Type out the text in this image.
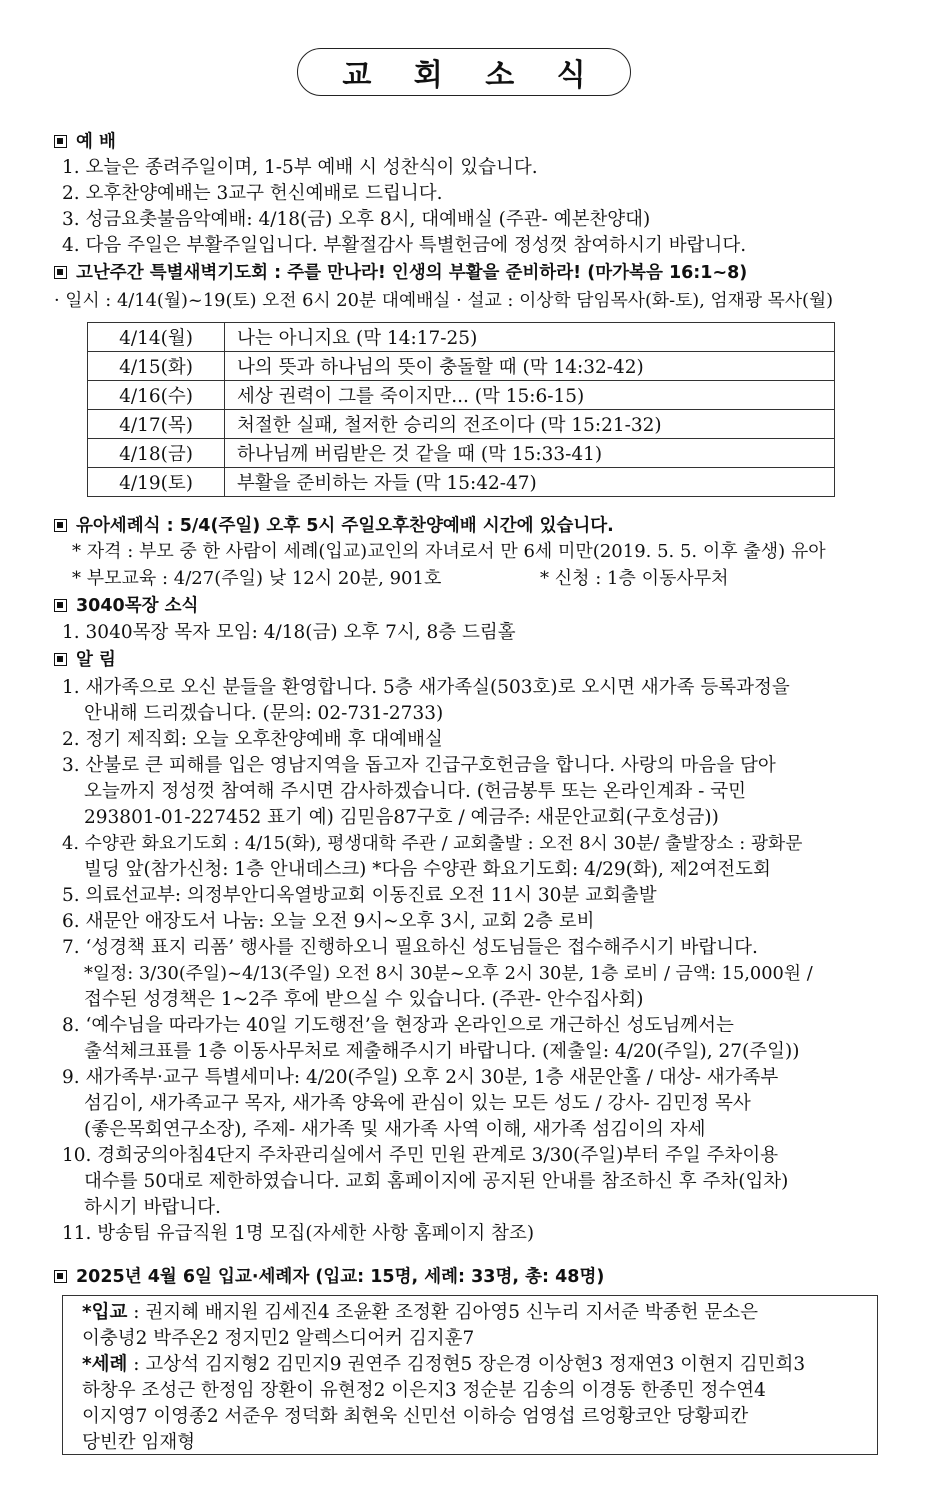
교 회 소 식
예 배
1. 오늘은 종려주일이며, 1-5부 예배 시 성찬식이 있습니다.
2. 오후찬양예배는 3교구 헌신예배로 드립니다.
3. 성금요촛불음악예배: 4/18(금) 오후 8시, 대예배실 (주관- 예본찬양대)
4. 다음 주일은 부활주일입니다. 부활절감사 특별헌금에 정성껏 참여하시기 바랍니다.
고난주간 특별새벽기도회 : 주를 만나라! 인생의 부활을 준비하라! (마가복음 16:1~8)
· 일시 : 4/14(월)~19(토) 오전 6시 20분 대예배실 · 설교 : 이상학 담임목사(화-토), 엄재광 목사(월)
4/14(월)	나는 아니지요 (막 14:17-25)
4/15(화)	나의 뜻과 하나님의 뜻이 충돌할 때 (막 14:32-42)
4/16(수)	세상 권력이 그를 죽이지만... (막 15:6-15)
4/17(목)	처절한 실패, 철저한 승리의 전조이다 (막 15:21-32)
4/18(금)	하나님께 버림받은 것 같을 때 (막 15:33-41)
4/19(토)	부활을 준비하는 자들 (막 15:42-47)
유아세례식 : 5/4(주일) 오후 5시 주일오후찬양예배 시간에 있습니다.
* 자격 : 부모 중 한 사람이 세례(입교)교인의 자녀로서 만 6세 미만(2019. 5. 5. 이후 출생) 유아
* 부모교육 : 4/27(주일) 낮 12시 20분, 901호	* 신청 : 1층 이동사무처
3040목장 소식
1. 3040목장 목자 모임: 4/18(금) 오후 7시, 8층 드림홀
알 림
1. 새가족으로 오신 분들을 환영합니다. 5층 새가족실(503호)로 오시면 새가족 등록과정을
안내해 드리겠습니다. (문의: 02-731-2733)
2. 정기 제직회: 오늘 오후찬양예배 후 대예배실
3. 산불로 큰 피해를 입은 영남지역을 돕고자 긴급구호헌금을 합니다. 사랑의 마음을 담아
오늘까지 정성껏 참여해 주시면 감사하겠습니다. (헌금봉투 또는 온라인계좌 - 국민
293801-01-227452 표기 예) 김믿음87구호 / 예금주: 새문안교회(구호성금))
4. 수양관 화요기도회 : 4/15(화), 평생대학 주관 / 교회출발 : 오전 8시 30분/ 출발장소 : 광화문
빌딩 앞(참가신청: 1층 안내데스크) *다음 수양관 화요기도회: 4/29(화), 제2여전도회
5. 의료선교부: 의정부안디옥열방교회 이동진료 오전 11시 30분 교회출발
6. 새문안 애장도서 나눔: 오늘 오전 9시~오후 3시, 교회 2층 로비
7. ‘성경책 표지 리폼’ 행사를 진행하오니 필요하신 성도님들은 접수해주시기 바랍니다.
*일정: 3/30(주일)~4/13(주일) 오전 8시 30분~오후 2시 30분, 1층 로비 / 금액: 15,000원 /
접수된 성경책은 1~2주 후에 받으실 수 있습니다. (주관- 안수집사회)
8. ‘예수님을 따라가는 40일 기도행전’을 현장과 온라인으로 개근하신 성도님께서는
출석체크표를 1층 이동사무처로 제출해주시기 바랍니다. (제출일: 4/20(주일), 27(주일))
9. 새가족부·교구 특별세미나: 4/20(주일) 오후 2시 30분, 1층 새문안홀 / 대상- 새가족부
섬김이, 새가족교구 목자, 새가족 양육에 관심이 있는 모든 성도 / 강사- 김민정 목사
(좋은목회연구소장), 주제- 새가족 및 새가족 사역 이해, 새가족 섬김이의 자세
10. 경희궁의아침4단지 주차관리실에서 주민 민원 관계로 3/30(주일)부터 주일 주차이용
대수를 50대로 제한하였습니다. 교회 홈페이지에 공지된 안내를 참조하신 후 주차(입차)
하시기 바랍니다.
11. 방송팀 유급직원 1명 모집(자세한 사항 홈페이지 참조)
2025년 4월 6일 입교·세례자 (입교: 15명, 세례: 33명, 총: 48명)
*입교 : 권지혜 배지원 김세진4 조윤환 조정환 김아영5 신누리 지서준 박종헌 문소은
이충녕2 박주온2 정지민2 알렉스디어커 김지훈7
*세례 : 고상석 김지형2 김민지9 권연주 김정현5 장은경 이상현3 정재연3 이현지 김민희3
하창우 조성근 한정임 장환이 유현정2 이은지3 정순분 김송의 이경동 한종민 정수연4
이지영7 이영종2 서준우 정덕화 최현욱 신민선 이하승 엄영섭 르엉황코안 당황피칸
당빈칸 임재형
